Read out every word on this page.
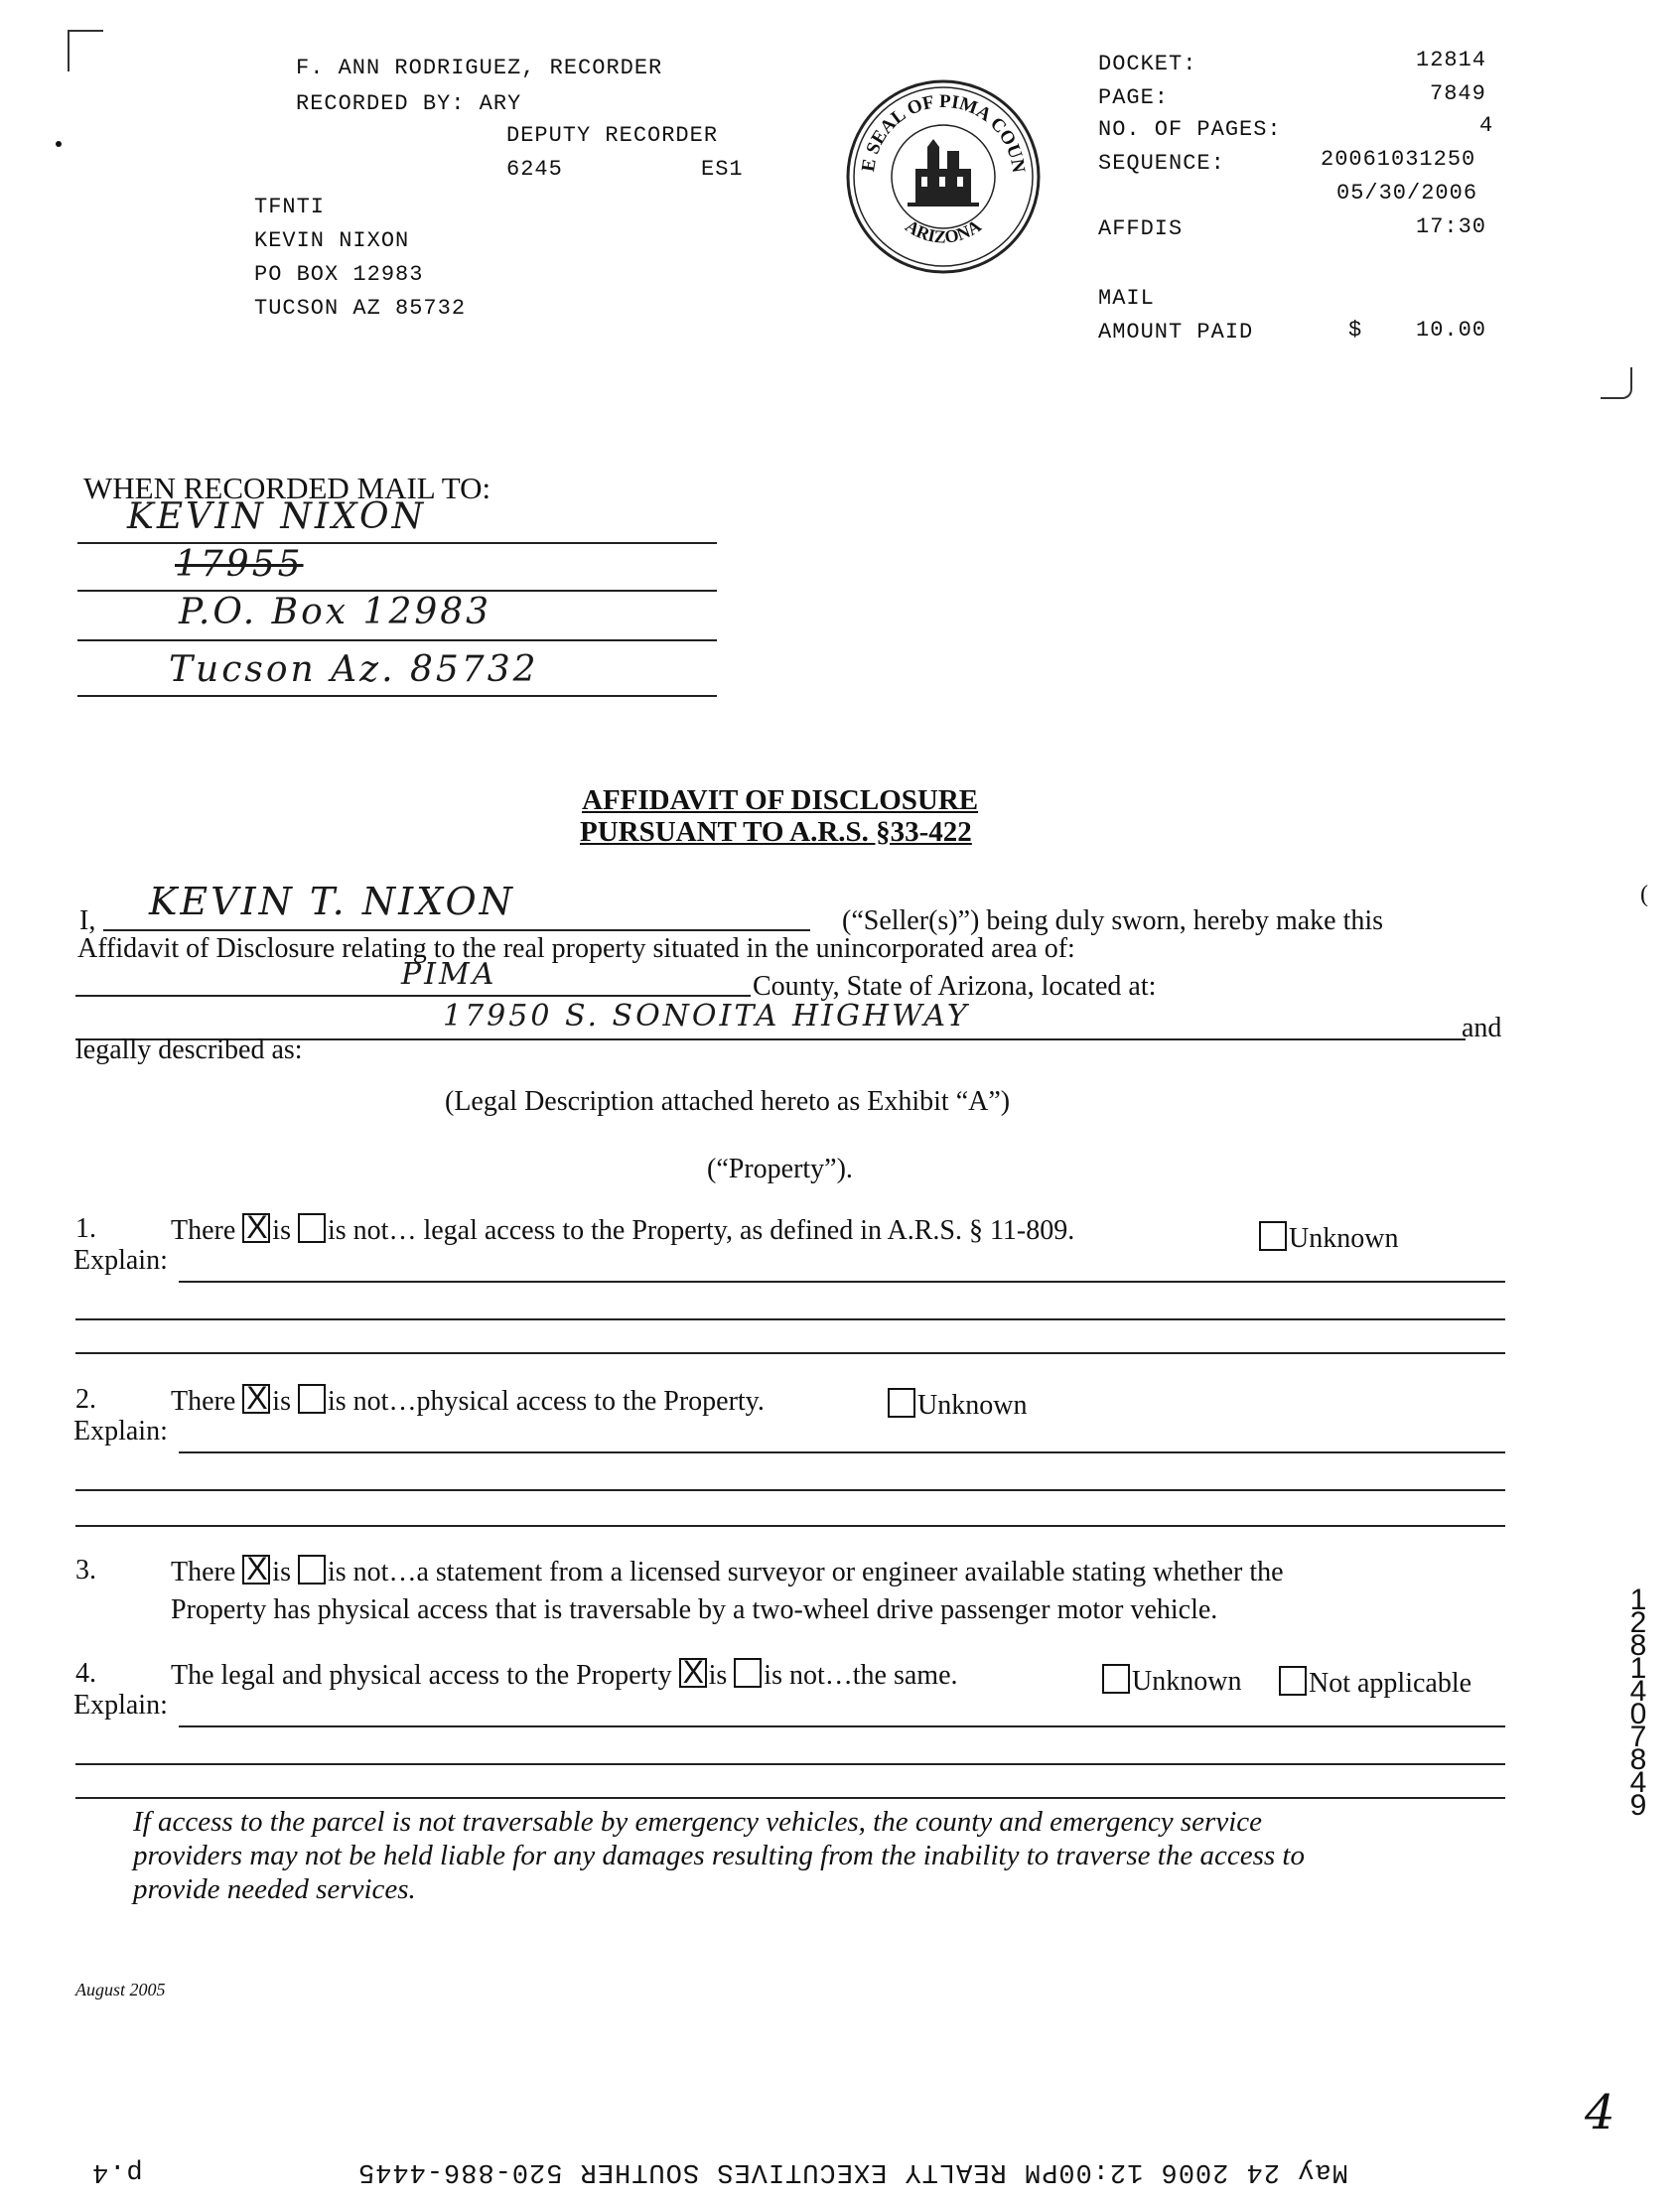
F. ANN RODRIGUEZ, RECORDER
RECORDED BY: ARY
DEPUTY RECORDER
6245	ES1
TFNTI
KEVIN NIXON
PO BOX 12983
TUCSON AZ 85732
E SEAL OF PIMA COUN
ARIZONA
DOCKET:	12814
PAGE:	7849
NO. OF PAGES:	4
SEQUENCE:	20061031250
05/30/2006
AFFDIS	17:30
MAIL
AMOUNT PAID	$ 10.00
WHEN RECORDED MAIL TO:
KEVIN NIXON
17955
P.O. Box 12983
Tucson Az. 85732
AFFIDAVIT OF DISCLOSURE
PURSUANT TO A.R.S. §33-422
I, KEVIN T. NIXON	(“Seller(s)”) being duly sworn, hereby make this
Affidavit of Disclosure relating to the real property situated in the unincorporated area of:
PIMA	County, State of Arizona, located at:
17950 S. SONOITA HIGHWAY	and
legally described as:
(Legal Description attached hereto as Exhibit “A”)
(“Property”).
1.	There X is is not… legal access to the Property, as defined in A.R.S. § 11-809.	Unknown
Explain:
2.	There X is is not…physical access to the Property.	Unknown
Explain:
3.	There X is is not…a statement from a licensed surveyor or engineer available stating whether the
Property has physical access that is traversable by a two-wheel drive passenger motor vehicle.
4.	The legal and physical access to the Property X is is not…the same.	Unknown	Not applicable
Explain:
If access to the parcel is not traversable by emergency vehicles, the county and emergency service
providers may not be held liable for any damages resulting from the inability to traverse the access to
provide needed services.
August 2005
4
12814 07849
May 24 2006 12:00PM REALTY EXECUTIVES SOUTHER 520-886-4445
p.4
(
